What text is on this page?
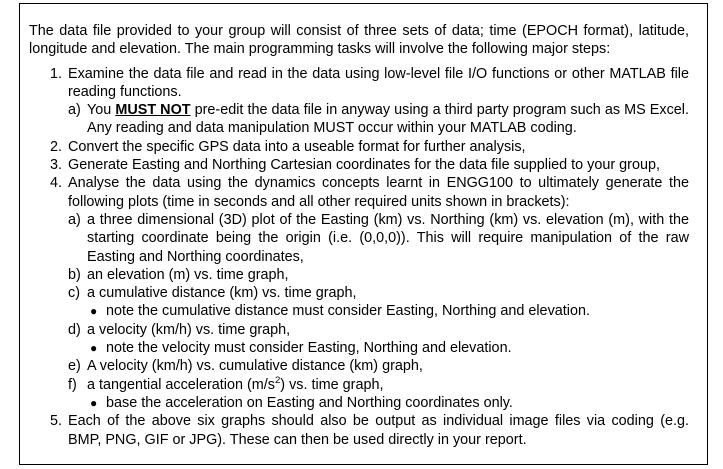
The data file provided to your group will consist of three sets of data; time (EPOCH format), latitude, longitude and elevation. The main programming tasks will involve the following major steps:

1. Examine the data file and read in the data using low-level file I/O functions or other MATLAB file reading functions.
a) You MUST NOT pre-edit the data file in anyway using a third party program such as MS Excel. Any reading and data manipulation MUST occur within your MATLAB coding.
2. Convert the specific GPS data into a useable format for further analysis,
3. Generate Easting and Northing Cartesian coordinates for the data file supplied to your group,
4. Analyse the data using the dynamics concepts learnt in ENGG100 to ultimately generate the following plots (time in seconds and all other required units shown in brackets):
a) a three dimensional (3D) plot of the Easting (km) vs. Northing (km) vs. elevation (m), with the starting coordinate being the origin (i.e. (0,0,0)). This will require manipulation of the raw Easting and Northing coordinates,
b) an elevation (m) vs. time graph,
c) a cumulative distance (km) vs. time graph,
● note the cumulative distance must consider Easting, Northing and elevation.
d) a velocity (km/h) vs. time graph,
● note the velocity must consider Easting, Northing and elevation.
e) A velocity (km/h) vs. cumulative distance (km) graph,
f) a tangential acceleration $(m/s^2)$ vs. time graph,
● base the acceleration on Easting and Northing coordinates only.
5. Each of the above six graphs should also be output as individual image files via coding (e.g. BMP, PNG, GIF or JPG). These can then be used directly in your report.
